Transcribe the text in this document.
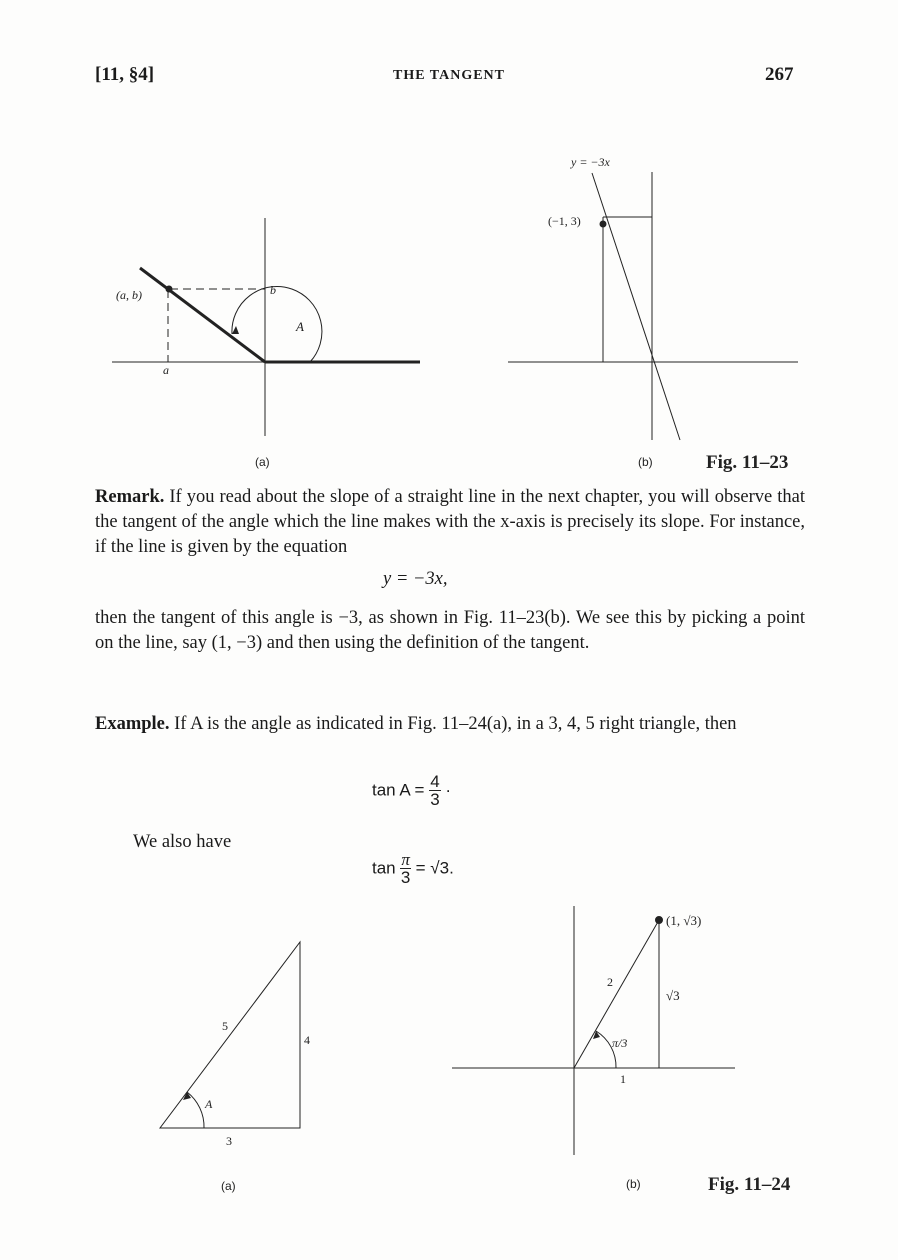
[11, §4]	THE TANGENT	267
(a, b)	b
a
A
(a)
y = −3x
(−1, 3)
(b)	Fig. 11–23
Remark. If you read about the slope of a straight line in the next chapter, you will observe that the tangent of the angle which the line makes with the x-axis is precisely its slope. For instance, if the line is given by the equation
y = −3x,
then the tangent of this angle is −3, as shown in Fig. 11–23(b). We see this by picking a point on the line, say (1, −3) and then using the definition of the tangent.
Example. If A is the angle as indicated in Fig. 11–24(a), in a 3, 4, 5 right triangle, then
$\tan A = \frac{4}{3}$ ·
We also have
$\tan \frac{\pi}{3} = √3$.
5
4
3
A
(a)
(1, √3)
2
√3
π/3
1
(b)	Fig. 11–24
